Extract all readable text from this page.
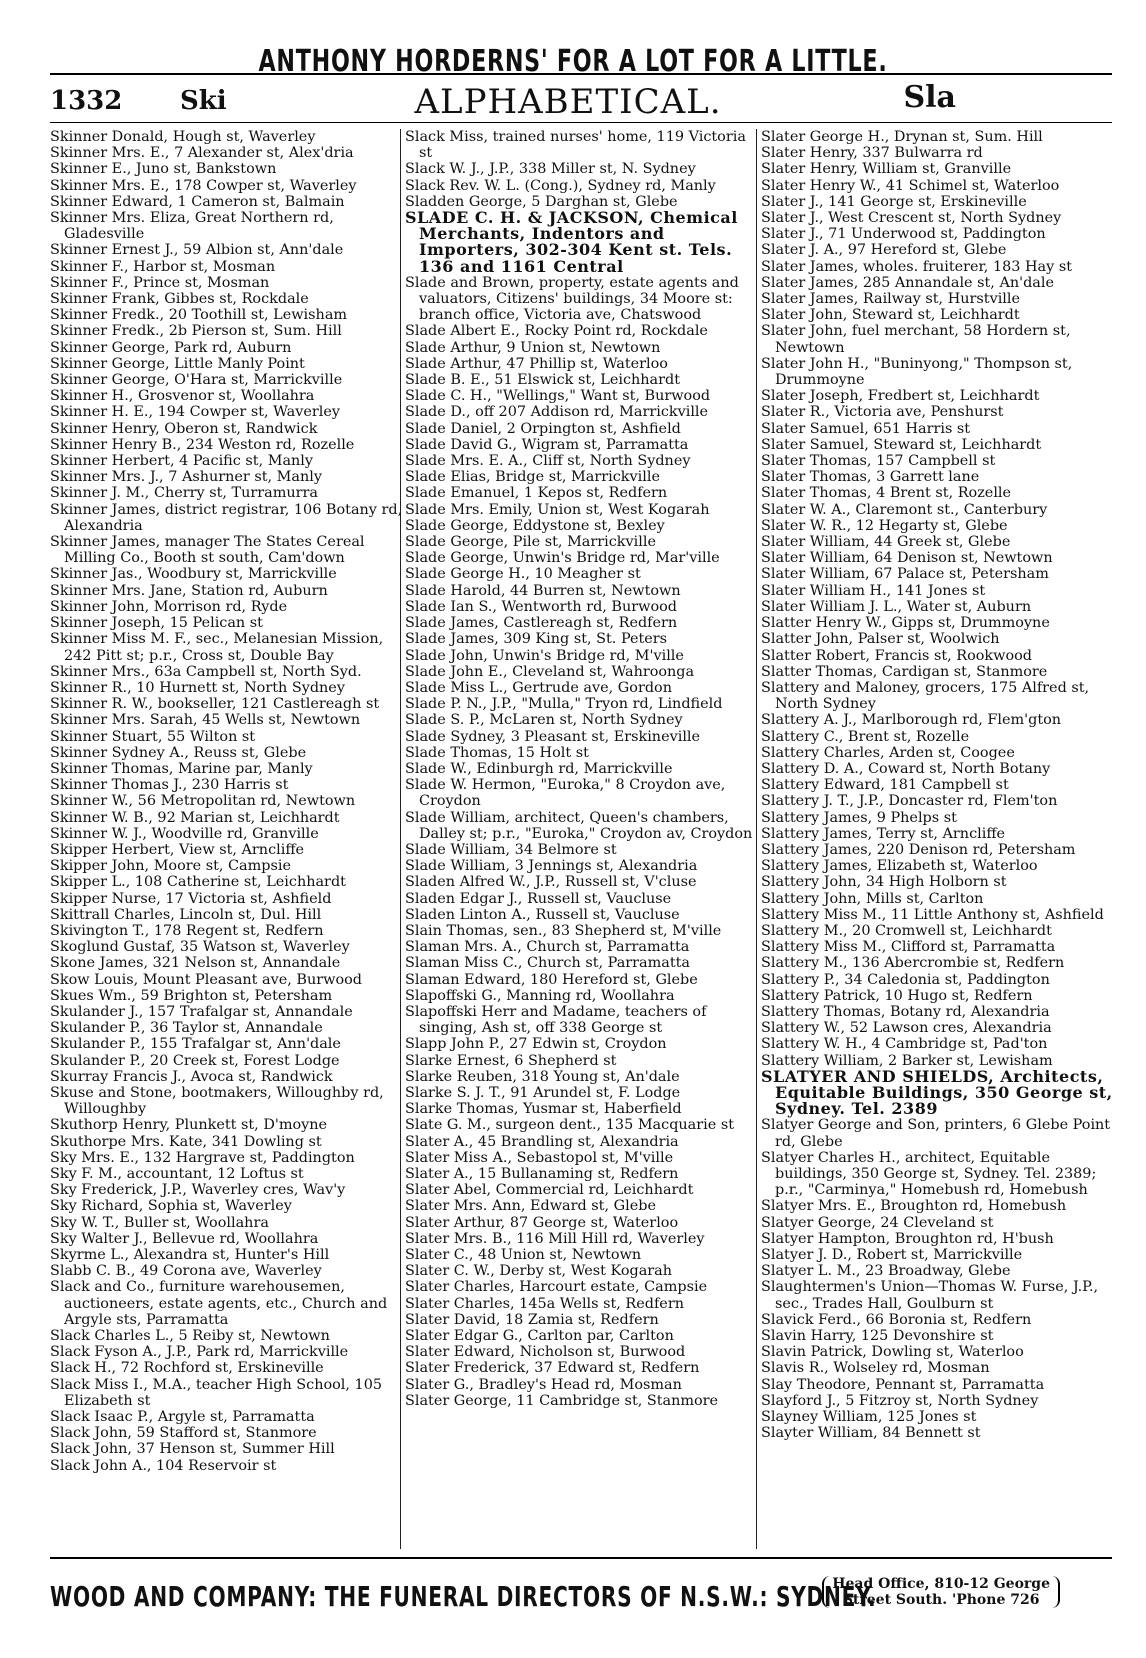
ANTHONY HORDERNS' FOR A LOT FOR A LITTLE.
1332 Ski	ALPHABETICAL.	Sla
Skinner Donald, Hough st, Waverley
Skinner Mrs. E., 7 Alexander st, Alex'dria
Skinner E., Juno st, Bankstown
Skinner Mrs. E., 178 Cowper st, Waverley
Skinner Edward, 1 Cameron st, Balmain
Skinner Mrs. Eliza, Great Northern rd, Gladesville
Skinner Ernest J., 59 Albion st, Ann'dale
Skinner F., Harbor st, Mosman
Skinner F., Prince st, Mosman
Skinner Frank, Gibbes st, Rockdale
Skinner Fredk., 20 Toothill st, Lewisham
Skinner Fredk., 2b Pierson st, Sum. Hill
Skinner George, Park rd, Auburn
Skinner George, Little Manly Point
Skinner George, O'Hara st, Marrickville
Skinner H., Grosvenor st, Woollahra
Skinner H. E., 194 Cowper st, Waverley
Skinner Henry, Oberon st, Randwick
Skinner Henry B., 234 Weston rd, Rozelle
Skinner Herbert, 4 Pacific st, Manly
Skinner Mrs. J., 7 Ashurner st, Manly
Skinner J. M., Cherry st, Turramurra
Skinner James, district registrar, 106 Botany rd, Alexandria
Skinner James, manager The States Cereal Milling Co., Booth st south, Cam'down
Skinner Jas., Woodbury st, Marrickville
Skinner Mrs. Jane, Station rd, Auburn
Skinner John, Morrison rd, Ryde
Skinner Joseph, 15 Pelican st
Skinner Miss M. F., sec., Melanesian Mission, 242 Pitt st; p.r., Cross st, Double Bay
Skinner Mrs., 63a Campbell st, North Syd.
Skinner R., 10 Hurnett st, North Sydney
Skinner R. W., bookseller, 121 Castlereagh st
Skinner Mrs. Sarah, 45 Wells st, Newtown
Skinner Stuart, 55 Wilton st
Skinner Sydney A., Reuss st, Glebe
Skinner Thomas, Marine par, Manly
Skinner Thomas J., 230 Harris st
Skinner W., 56 Metropolitan rd, Newtown
Skinner W. B., 92 Marian st, Leichhardt
Skinner W. J., Woodville rd, Granville
Skipper Herbert, View st, Arncliffe
Skipper John, Moore st, Campsie
Skipper L., 108 Catherine st, Leichhardt
Skipper Nurse, 17 Victoria st, Ashfield
Skittrall Charles, Lincoln st, Dul. Hill
Skivington T., 178 Regent st, Redfern
Skoglund Gustaf, 35 Watson st, Waverley
Skone James, 321 Nelson st, Annandale
Skow Louis, Mount Pleasant ave, Burwood
Skues Wm., 59 Brighton st, Petersham
Skulander J., 157 Trafalgar st, Annandale
Skulander P., 36 Taylor st, Annandale
Skulander P., 155 Trafalgar st, Ann'dale
Skulander P., 20 Creek st, Forest Lodge
Skurray Francis J., Avoca st, Randwick
Skuse and Stone, bootmakers, Willoughby rd, Willoughby
Skuthorp Henry, Plunkett st, D'moyne
Skuthorpe Mrs. Kate, 341 Dowling st
Sky Mrs. E., 132 Hargrave st, Paddington
Sky F. M., accountant, 12 Loftus st
Sky Frederick, J.P., Waverley cres, Wav'y
Sky Richard, Sophia st, Waverley
Sky W. T., Buller st, Woollahra
Sky Walter J., Bellevue rd, Woollahra
Skyrme L., Alexandra st, Hunter's Hill
Slabb C. B., 49 Corona ave, Waverley
Slack and Co., furniture warehousemen, auctioneers, estate agents, etc., Church and Argyle sts, Parramatta
Slack Charles L., 5 Reiby st, Newtown
Slack Fyson A., J.P., Park rd, Marrickville
Slack H., 72 Rochford st, Erskineville
Slack Miss I., M.A., teacher High School, 105 Elizabeth st
Slack Isaac P., Argyle st, Parramatta
Slack John, 59 Stafford st, Stanmore
Slack John, 37 Henson st, Summer Hill
Slack John A., 104 Reservoir st
Slack Miss, trained nurses' home, 119 Victoria st
Slack W. J., J.P., 338 Miller st, N. Sydney
Slack Rev. W. L. (Cong.), Sydney rd, Manly
Sladden George, 5 Darghan st, Glebe
SLADE C. H. & JACKSON, Chemical Merchants, Indentors and Importers, 302-304 Kent st. Tels. 136 and 1161 Central
Slade and Brown, property, estate agents and valuators, Citizens' buildings, 34 Moore st: branch office, Victoria ave, Chatswood
Slade Albert E., Rocky Point rd, Rockdale
Slade Arthur, 9 Union st, Newtown
Slade Arthur, 47 Phillip st, Waterloo
Slade B. E., 51 Elswick st, Leichhardt
Slade C. H., "Wellings," Want st, Burwood
Slade D., off 207 Addison rd, Marrickville
Slade Daniel, 2 Orpington st, Ashfield
Slade David G., Wigram st, Parramatta
Slade Mrs. E. A., Cliff st, North Sydney
Slade Elias, Bridge st, Marrickville
Slade Emanuel, 1 Kepos st, Redfern
Slade Mrs. Emily, Union st, West Kogarah
Slade George, Eddystone st, Bexley
Slade George, Pile st, Marrickville
Slade George, Unwin's Bridge rd, Mar'ville
Slade George H., 10 Meagher st
Slade Harold, 44 Burren st, Newtown
Slade Ian S., Wentworth rd, Burwood
Slade James, Castlereagh st, Redfern
Slade James, 309 King st, St. Peters
Slade John, Unwin's Bridge rd, M'ville
Slade John E., Cleveland st, Wahroonga
Slade Miss L., Gertrude ave, Gordon
Slade P. N., J.P., "Mulla," Tryon rd, Lindfield
Slade S. P., McLaren st, North Sydney
Slade Sydney, 3 Pleasant st, Erskineville
Slade Thomas, 15 Holt st
Slade W., Edinburgh rd, Marrickville
Slade W. Hermon, "Euroka," 8 Croydon ave, Croydon
Slade William, architect, Queen's chambers, Dalley st; p.r., "Euroka," Croydon av, Croydon
Slade William, 34 Belmore st
Slade William, 3 Jennings st, Alexandria
Sladen Alfred W., J.P., Russell st, V'cluse
Sladen Edgar J., Russell st, Vaucluse
Sladen Linton A., Russell st, Vaucluse
Slain Thomas, sen., 83 Shepherd st, M'ville
Slaman Mrs. A., Church st, Parramatta
Slaman Miss C., Church st, Parramatta
Slaman Edward, 180 Hereford st, Glebe
Slapoffski G., Manning rd, Woollahra
Slapoffski Herr and Madame, teachers of singing, Ash st, off 338 George st
Slapp John P., 27 Edwin st, Croydon
Slarke Ernest, 6 Shepherd st
Slarke Reuben, 318 Young st, An'dale
Slarke S. J. T., 91 Arundel st, F. Lodge
Slarke Thomas, Yusmar st, Haberfield
Slate G. M., surgeon dent., 135 Macquarie st
Slater A., 45 Brandling st, Alexandria
Slater Miss A., Sebastopol st, M'ville
Slater A., 15 Bullanaming st, Redfern
Slater Abel, Commercial rd, Leichhardt
Slater Mrs. Ann, Edward st, Glebe
Slater Arthur, 87 George st, Waterloo
Slater Mrs. B., 116 Mill Hill rd, Waverley
Slater C., 48 Union st, Newtown
Slater C. W., Derby st, West Kogarah
Slater Charles, Harcourt estate, Campsie
Slater Charles, 145a Wells st, Redfern
Slater David, 18 Zamia st, Redfern
Slater Edgar G., Carlton par, Carlton
Slater Edward, Nicholson st, Burwood
Slater Frederick, 37 Edward st, Redfern
Slater G., Bradley's Head rd, Mosman
Slater George, 11 Cambridge st, Stanmore
Slater George H., Drynan st, Sum. Hill
Slater Henry, 337 Bulwarra rd
Slater Henry, William st, Granville
Slater Henry W., 41 Schimel st, Waterloo
Slater J., 141 George st, Erskineville
Slater J., West Crescent st, North Sydney
Slater J., 71 Underwood st, Paddington
Slater J. A., 97 Hereford st, Glebe
Slater James, wholes. fruiterer, 183 Hay st
Slater James, 285 Annandale st, An'dale
Slater James, Railway st, Hurstville
Slater John, Steward st, Leichhardt
Slater John, fuel merchant, 58 Hordern st, Newtown
Slater John H., "Buninyong," Thompson st, Drummoyne
Slater Joseph, Fredbert st, Leichhardt
Slater R., Victoria ave, Penshurst
Slater Samuel, 651 Harris st
Slater Samuel, Steward st, Leichhardt
Slater Thomas, 157 Campbell st
Slater Thomas, 3 Garrett lane
Slater Thomas, 4 Brent st, Rozelle
Slater W. A., Claremont st., Canterbury
Slater W. R., 12 Hegarty st, Glebe
Slater William, 44 Greek st, Glebe
Slater William, 64 Denison st, Newtown
Slater William, 67 Palace st, Petersham
Slater William H., 141 Jones st
Slater William J. L., Water st, Auburn
Slatter Henry W., Gipps st, Drummoyne
Slatter John, Palser st, Woolwich
Slatter Robert, Francis st, Rookwood
Slatter Thomas, Cardigan st, Stanmore
Slattery and Maloney, grocers, 175 Alfred st, North Sydney
Slattery A. J., Marlborough rd, Flem'gton
Slattery C., Brent st, Rozelle
Slattery Charles, Arden st, Coogee
Slattery D. A., Coward st, North Botany
Slattery Edward, 181 Campbell st
Slattery J. T., J.P., Doncaster rd, Flem'ton
Slattery James, 9 Phelps st
Slattery James, Terry st, Arncliffe
Slattery James, 220 Denison rd, Petersham
Slattery James, Elizabeth st, Waterloo
Slattery John, 34 High Holborn st
Slattery John, Mills st, Carlton
Slattery Miss M., 11 Little Anthony st, Ashfield
Slattery M., 20 Cromwell st, Leichhardt
Slattery Miss M., Clifford st, Parramatta
Slattery M., 136 Abercrombie st, Redfern
Slattery P., 34 Caledonia st, Paddington
Slattery Patrick, 10 Hugo st, Redfern
Slattery Thomas, Botany rd, Alexandria
Slattery W., 52 Lawson cres, Alexandria
Slattery W. H., 4 Cambridge st, Pad'ton
Slattery William, 2 Barker st, Lewisham
SLATYER AND SHIELDS, Architects, Equitable Buildings, 350 George st, Sydney. Tel. 2389
Slatyer George and Son, printers, 6 Glebe Point rd, Glebe
Slatyer Charles H., architect, Equitable buildings, 350 George st, Sydney. Tel. 2389; p.r., "Carminya," Homebush rd, Homebush
Slatyer Mrs. E., Broughton rd, Homebush
Slatyer George, 24 Cleveland st
Slatyer Hampton, Broughton rd, H'bush
Slatyer J. D., Robert st, Marrickville
Slatyer L. M., 23 Broadway, Glebe
Slaughtermen's Union—Thomas W. Furse, J.P., sec., Trades Hall, Goulburn st
Slavick Ferd., 66 Boronia st, Redfern
Slavin Harry, 125 Devonshire st
Slavin Patrick, Dowling st, Waterloo
Slavis R., Wolseley rd, Mosman
Slay Theodore, Pennant st, Parramatta
Slayford J., 5 Fitzroy st, North Sydney
Slayney William, 125 Jones st
Slayter William, 84 Bennett st
WOOD AND COMPANY: THE FUNERAL DIRECTORS OF N.S.W.: SYDNEY.
Head Office, 810-12 George
Street South. 'Phone 726
